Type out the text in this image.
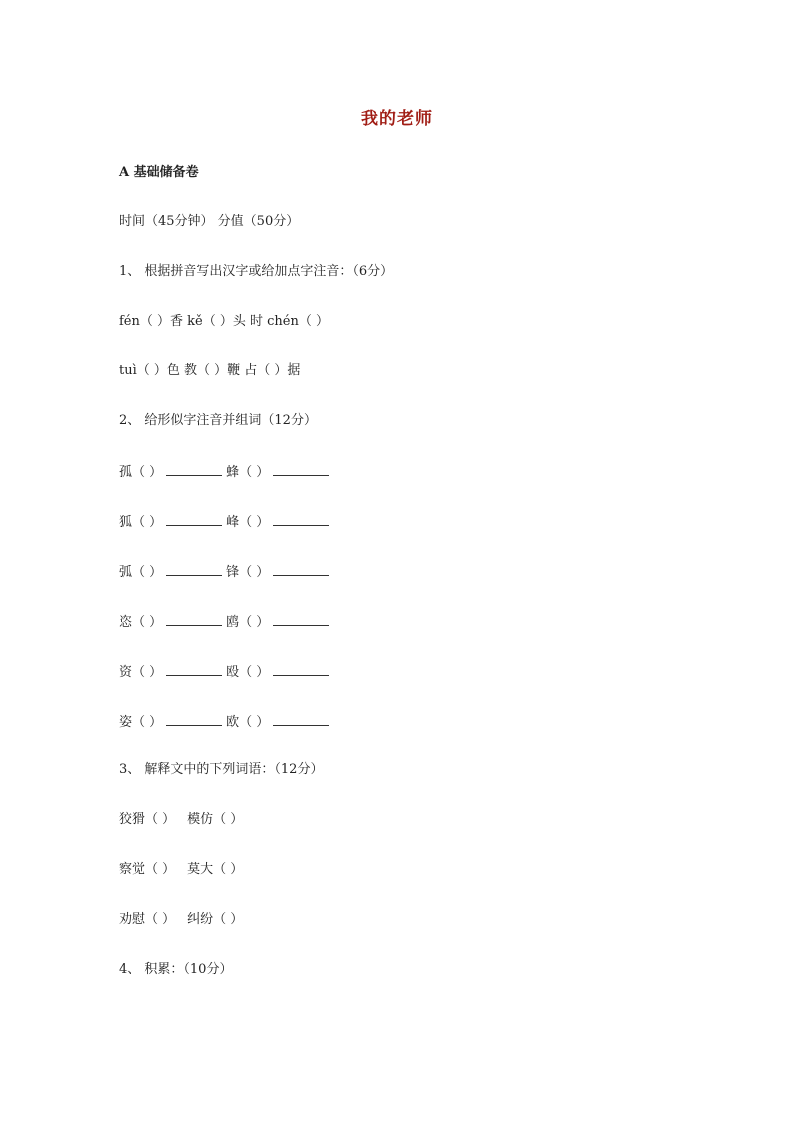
我的老师
A 基础储备卷
时间（45分钟） 分值（50分）
1、 根据拼音写出汉字或给加点字注音：（6分）
fén（ ）香 kě（ ）头 时 chén（ ）
tuì（ ）色 教（ ）鞭 占（ ）据
2、 给形似字注音并组词（12分）
孤（ ）	蜂（ ）
狐（ ）	峰（ ）
弧（ ）	锋（ ）
恣（ ）	鸥（ ）
资（ ）	殴（ ）
姿（ ）	欧（ ）
3、 解释文中的下列词语：（12分）
狡猾（ ） 模仿（ ）
察觉（ ） 莫大（ ）
劝慰（ ） 纠纷（ ）
4、 积累：（10分）
